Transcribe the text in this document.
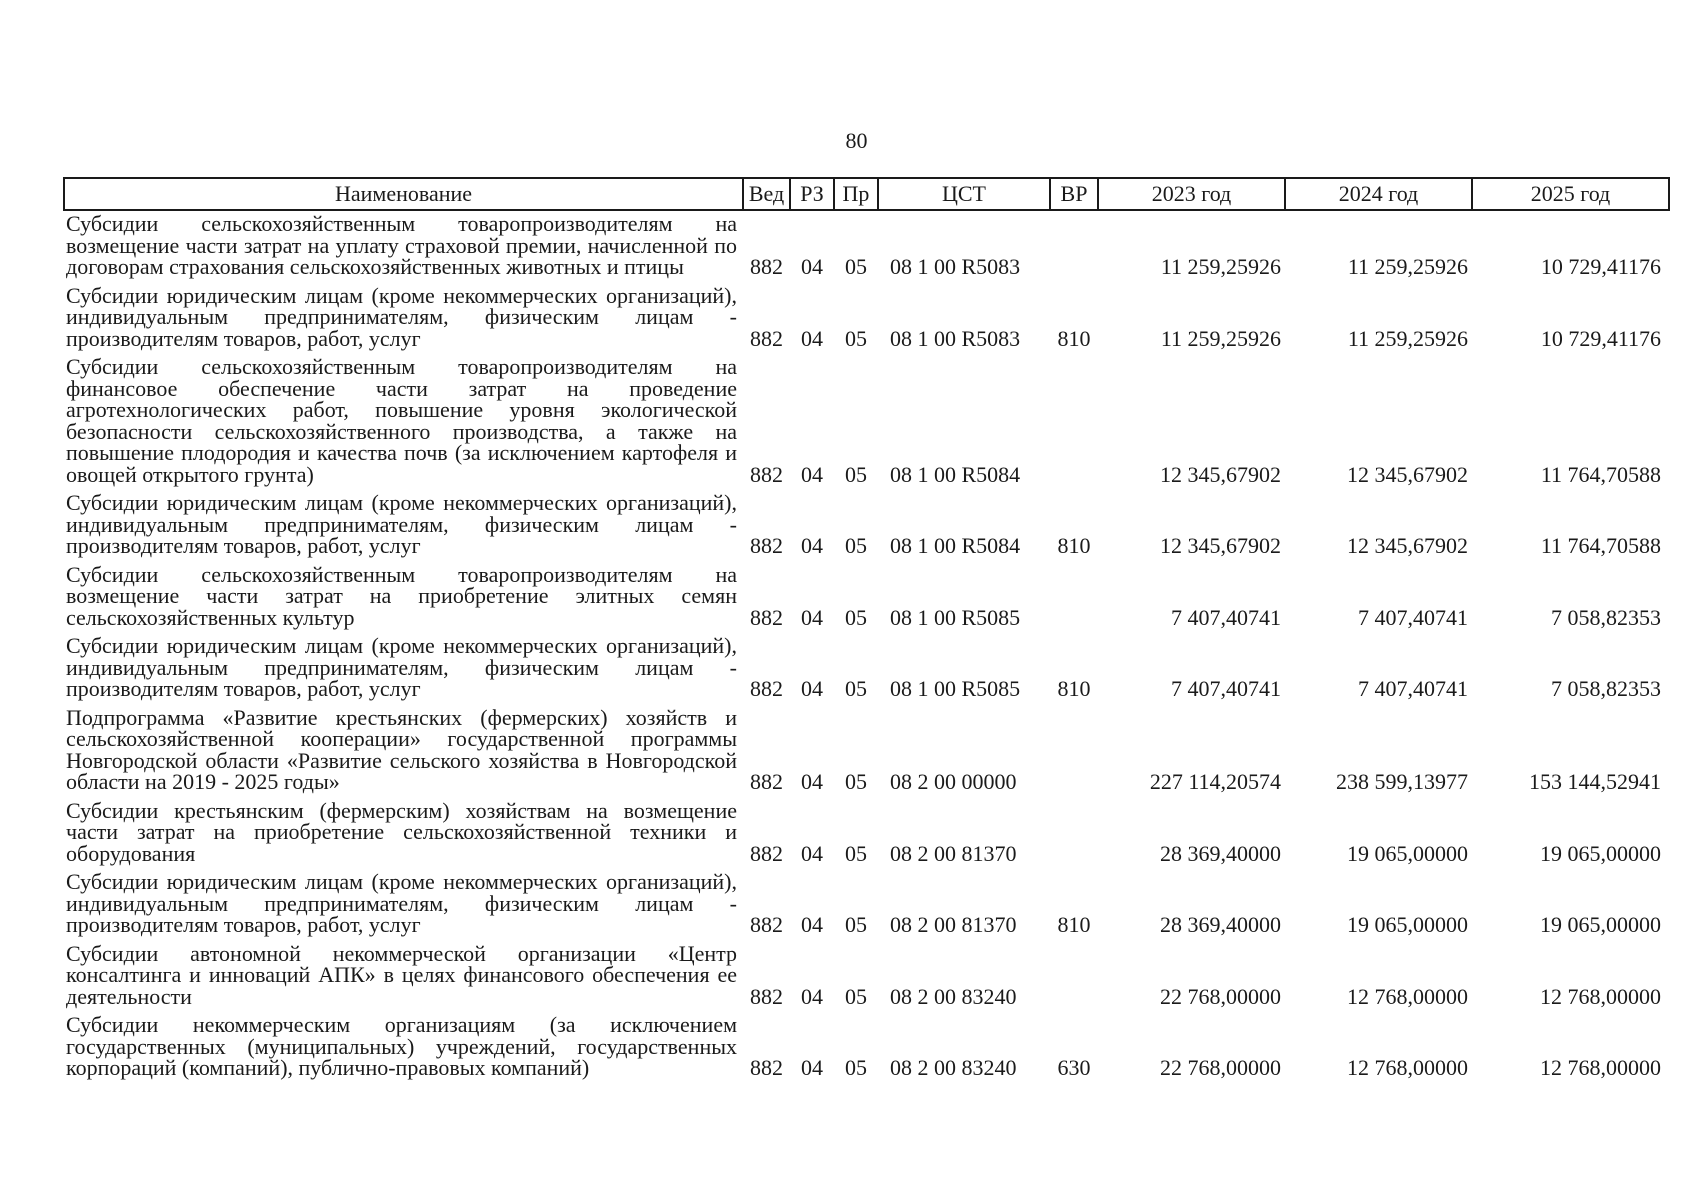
80
Наименование	Вед	РЗ	Пр	ЦСТ	ВР	2023 год	2024 год	2025 год
Субсидии сельскохозяйственным товаропроизводителям на возмещение части затрат на уплату страховой премии, начисленной по договорам страхования сельскохозяйственных животных и птицы	882	04	05	08 1 00 R5083		11 259,25926	11 259,25926	10 729,41176
Субсидии юридическим лицам (кроме некоммерческих организаций), индивидуальным предпринимателям, физическим лицам - производителям товаров, работ, услуг	882	04	05	08 1 00 R5083	810	11 259,25926	11 259,25926	10 729,41176
Субсидии сельскохозяйственным товаропроизводителям на финансовое обеспечение части затрат на проведение агротехнологических работ, повышение уровня экологической безопасности сельскохозяйственного производства, а также на повышение плодородия и качества почв (за исключением картофеля и овощей открытого грунта)	882	04	05	08 1 00 R5084		12 345,67902	12 345,67902	11 764,70588
Субсидии юридическим лицам (кроме некоммерческих организаций), индивидуальным предпринимателям, физическим лицам - производителям товаров, работ, услуг	882	04	05	08 1 00 R5084	810	12 345,67902	12 345,67902	11 764,70588
Субсидии сельскохозяйственным товаропроизводителям на возмещение части затрат на приобретение элитных семян сельскохозяйственных культур	882	04	05	08 1 00 R5085		7 407,40741	7 407,40741	7 058,82353
Субсидии юридическим лицам (кроме некоммерческих организаций), индивидуальным предпринимателям, физическим лицам - производителям товаров, работ, услуг	882	04	05	08 1 00 R5085	810	7 407,40741	7 407,40741	7 058,82353
Подпрограмма «Развитие крестьянских (фермерских) хозяйств и сельскохозяйственной кооперации» государственной программы Новгородской области «Развитие сельского хозяйства в Новгородской области на 2019 - 2025 годы»	882	04	05	08 2 00 00000		227 114,20574	238 599,13977	153 144,52941
Субсидии крестьянским (фермерским) хозяйствам на возмещение части затрат на приобретение сельскохозяйственной техники и оборудования	882	04	05	08 2 00 81370		28 369,40000	19 065,00000	19 065,00000
Субсидии юридическим лицам (кроме некоммерческих организаций), индивидуальным предпринимателям, физическим лицам - производителям товаров, работ, услуг	882	04	05	08 2 00 81370	810	28 369,40000	19 065,00000	19 065,00000
Субсидии автономной некоммерческой организации «Центр консалтинга и инноваций АПК» в целях финансового обеспечения ее деятельности	882	04	05	08 2 00 83240		22 768,00000	12 768,00000	12 768,00000
Субсидии некоммерческим организациям (за исключением государственных (муниципальных) учреждений, государственных корпораций (компаний), публично-правовых компаний)	882	04	05	08 2 00 83240	630	22 768,00000	12 768,00000	12 768,00000
